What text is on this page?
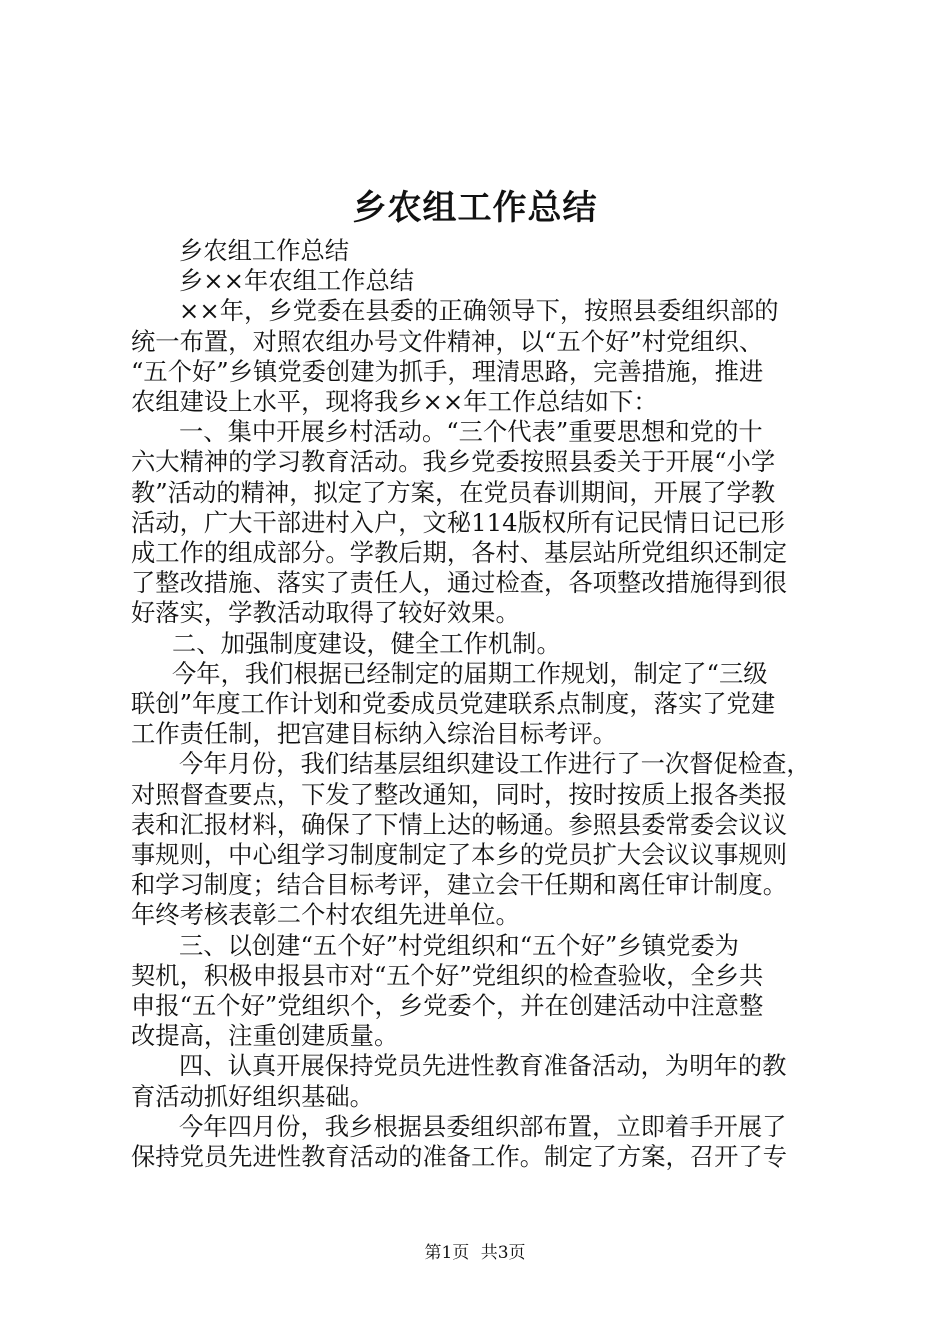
乡农组工作总结

乡农组工作总结

乡××年农组工作总结

××年，乡党委在县委的正确领导下，按照县委组织部的

统一布置，对照农组办号文件精神，以“五个好”村党组织、

“五个好”乡镇党委创建为抓手，理清思路，完善措施，推进

农组建设上水平，现将我乡××年工作总结如下：

一、集中开展乡村活动。“三个代表”重要思想和党的十

六大精神的学习教育活动。我乡党委按照县委关于开展“小学

教”活动的精神，拟定了方案，在党员春训期间，开展了学教

活动，广大干部进村入户，文秘114版权所有记民情日记已形

成工作的组成部分。学教后期，各村、基层站所党组织还制定

了整改措施、落实了责任人，通过检查，各项整改措施得到很

好落实，学教活动取得了较好效果。

二、加强制度建设，健全工作机制。

今年，我们根据已经制定的届期工作规划，制定了“三级

联创”年度工作计划和党委成员党建联系点制度，落实了党建

工作责任制，把宫建目标纳入综治目标考评。

今年月份，我们结基层组织建设工作进行了一次督促检查，

对照督查要点，下发了整改通知，同时，按时按质上报各类报

表和汇报材料，确保了下情上达的畅通。参照县委常委会议议

事规则，中心组学习制度制定了本乡的党员扩大会议议事规则

和学习制度；结合目标考评，建立会干任期和离任审计制度。

年终考核表彰二个村农组先进单位。

三、以创建“五个好”村党组织和“五个好”乡镇党委为

契机，积极申报县市对“五个好”党组织的检查验收，全乡共

申报“五个好”党组织个，乡党委个，并在创建活动中注意整

改提高，注重创建质量。

四、认真开展保持党员先进性教育准备活动，为明年的教

育活动抓好组织基础。

今年四月份，我乡根据县委组织部布置，立即着手开展了

保持党员先进性教育活动的准备工作。制定了方案，召开了专

第1页 共3页
